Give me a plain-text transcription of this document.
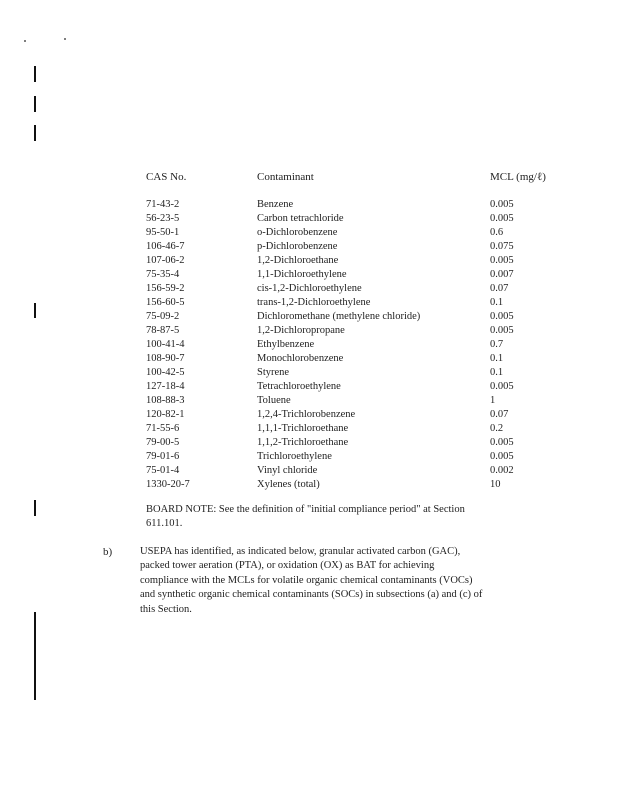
CAS No.	Contaminant	MCL (mg/ℓ)
71-43-2	Benzene	0.005
56-23-5	Carbon tetrachloride	0.005
95-50-1	o-Dichlorobenzene	0.6
106-46-7	p-Dichlorobenzene	0.075
107-06-2	1,2-Dichloroethane	0.005
75-35-4	1,1-Dichloroethylene	0.007
156-59-2	cis-1,2-Dichloroethylene	0.07
156-60-5	trans-1,2-Dichloroethylene	0.1
75-09-2	Dichloromethane (methylene chloride)	0.005
78-87-5	1,2-Dichloropropane	0.005
100-41-4	Ethylbenzene	0.7
108-90-7	Monochlorobenzene	0.1
100-42-5	Styrene	0.1
127-18-4	Tetrachloroethylene	0.005
108-88-3	Toluene	1
120-82-1	1,2,4-Trichlorobenzene	0.07
71-55-6	1,1,1-Trichloroethane	0.2
79-00-5	1,1,2-Trichloroethane	0.005
79-01-6	Trichloroethylene	0.005
75-01-4	Vinyl chloride	0.002
1330-20-7	Xylenes (total)	10
BOARD NOTE: See the definition of "initial compliance period" at Section
611.101.
b)	USEPA has identified, as indicated below, granular activated carbon (GAC),
packed tower aeration (PTA), or oxidation (OX) as BAT for achieving
compliance with the MCLs for volatile organic chemical contaminants (VOCs)
and synthetic organic chemical contaminants (SOCs) in subsections (a) and (c) of
this Section.
